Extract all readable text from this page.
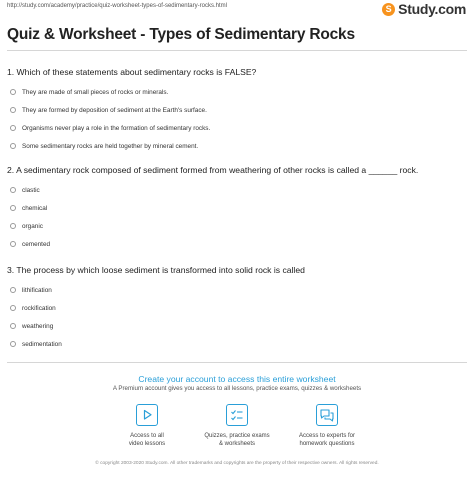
http://study.com/academy/practice/quiz-worksheet-types-of-sedimentary-rocks.html	S Study.com
Quiz & Worksheet - Types of Sedimentary Rocks
1. Which of these statements about sedimentary rocks is FALSE?
They are made of small pieces of rocks or minerals.
They are formed by deposition of sediment at the Earth's surface.
Organisms never play a role in the formation of sedimentary rocks.
Some sedimentary rocks are held together by mineral cement.
2. A sedimentary rock composed of sediment formed from weathering of other rocks is called a ______ rock.
clastic
chemical
organic
cemented
3. The process by which loose sediment is transformed into solid rock is called
lithification
rockification
weathering
sedimentation
Create your account to access this entire worksheet
A Premium account gives you access to all lessons, practice exams, quizzes & worksheets
Access to all
video lessons
Quizzes, practice exams
& worksheets
Access to experts for
homework questions
© copyright 2003-2020 Study.com. All other trademarks and copyrights are the property of their respective owners. All rights reserved.
